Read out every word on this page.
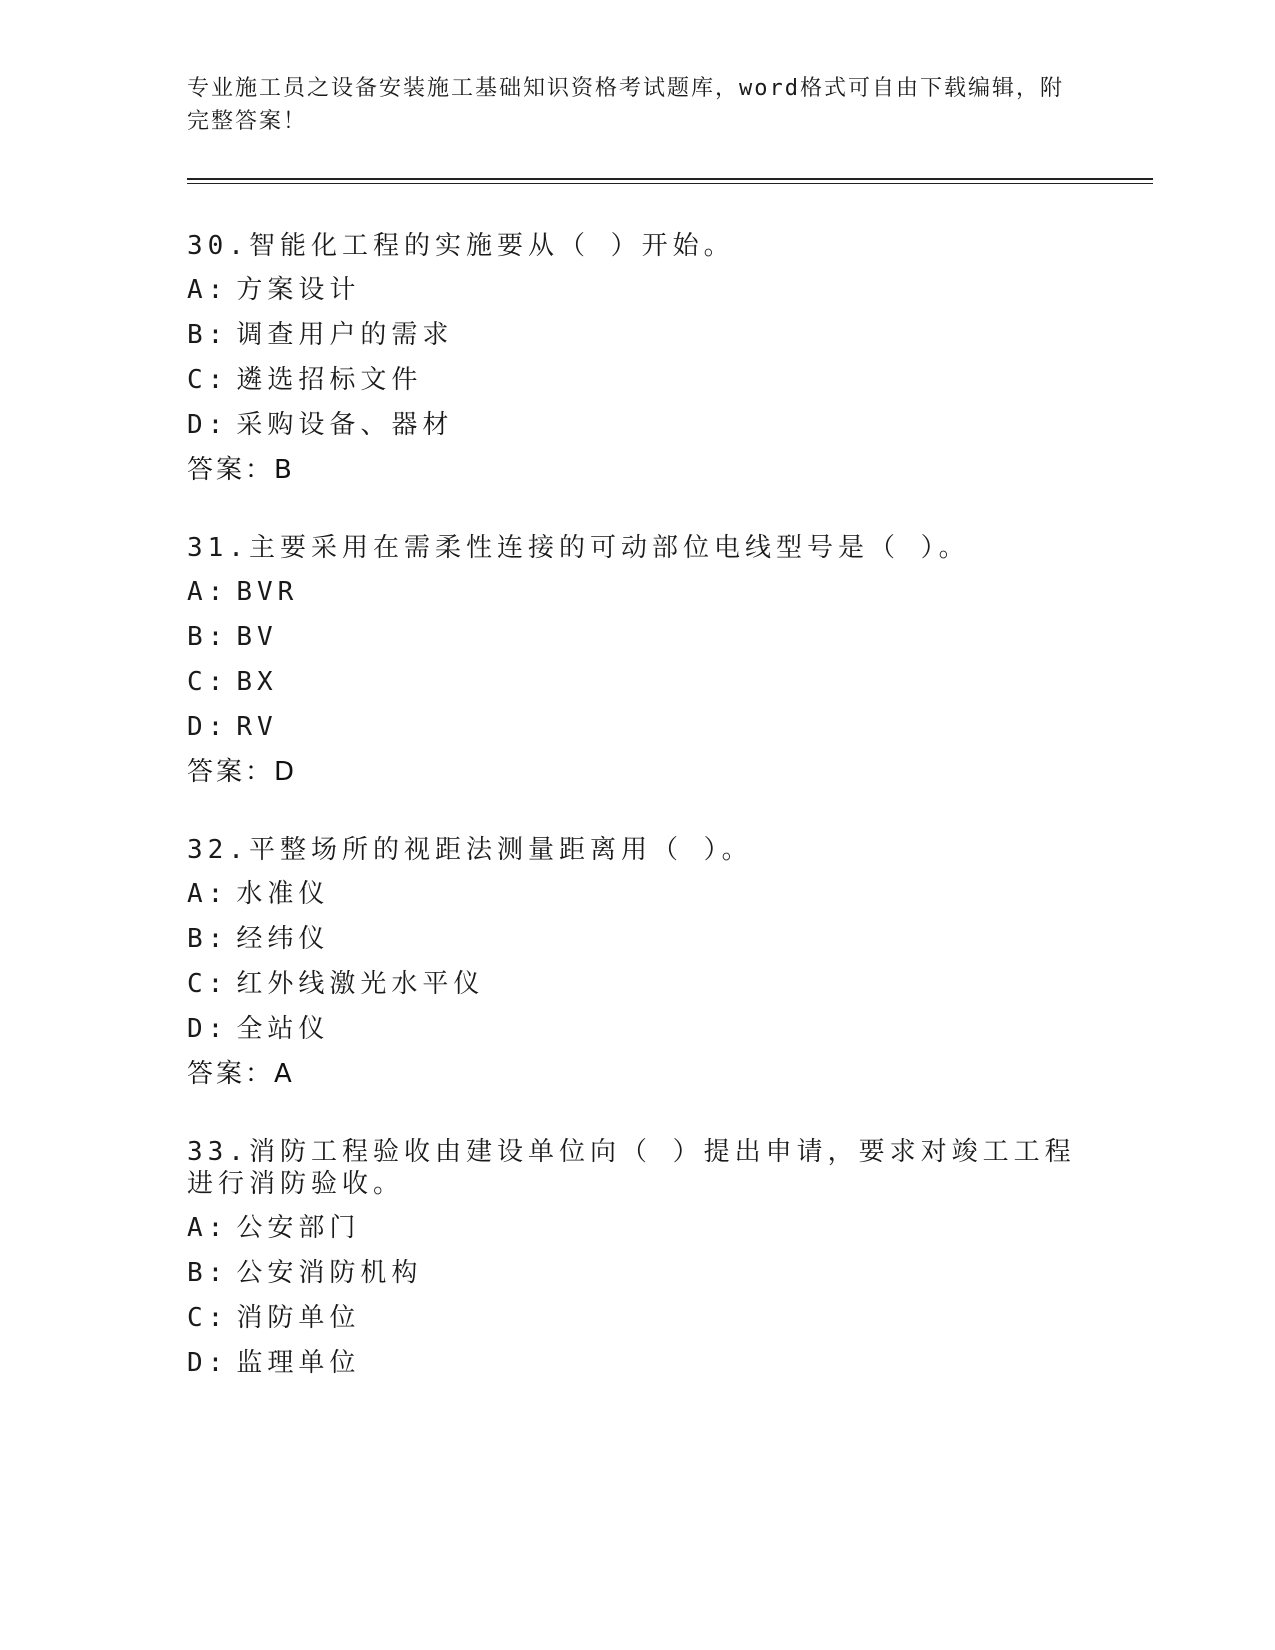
专业施工员之设备安装施工基础知识资格考试题库，word格式可自由下载编辑，附完整答案！
30.智能化工程的实施要从（ ）开始。
A: 方案设计
B: 调查用户的需求
C: 遴选招标文件
D: 采购设备、器材
答案：B
31.主要采用在需柔性连接的可动部位电线型号是（ ）。
A: BVR
B: BV
C: BX
D: RV
答案：D
32.平整场所的视距法测量距离用（ ）。
A: 水准仪
B: 经纬仪
C: 红外线激光水平仪
D: 全站仪
答案：A
33.消防工程验收由建设单位向（ ）提出申请，要求对竣工工程进行消防验收。
A: 公安部门
B: 公安消防机构
C: 消防单位
D: 监理单位
